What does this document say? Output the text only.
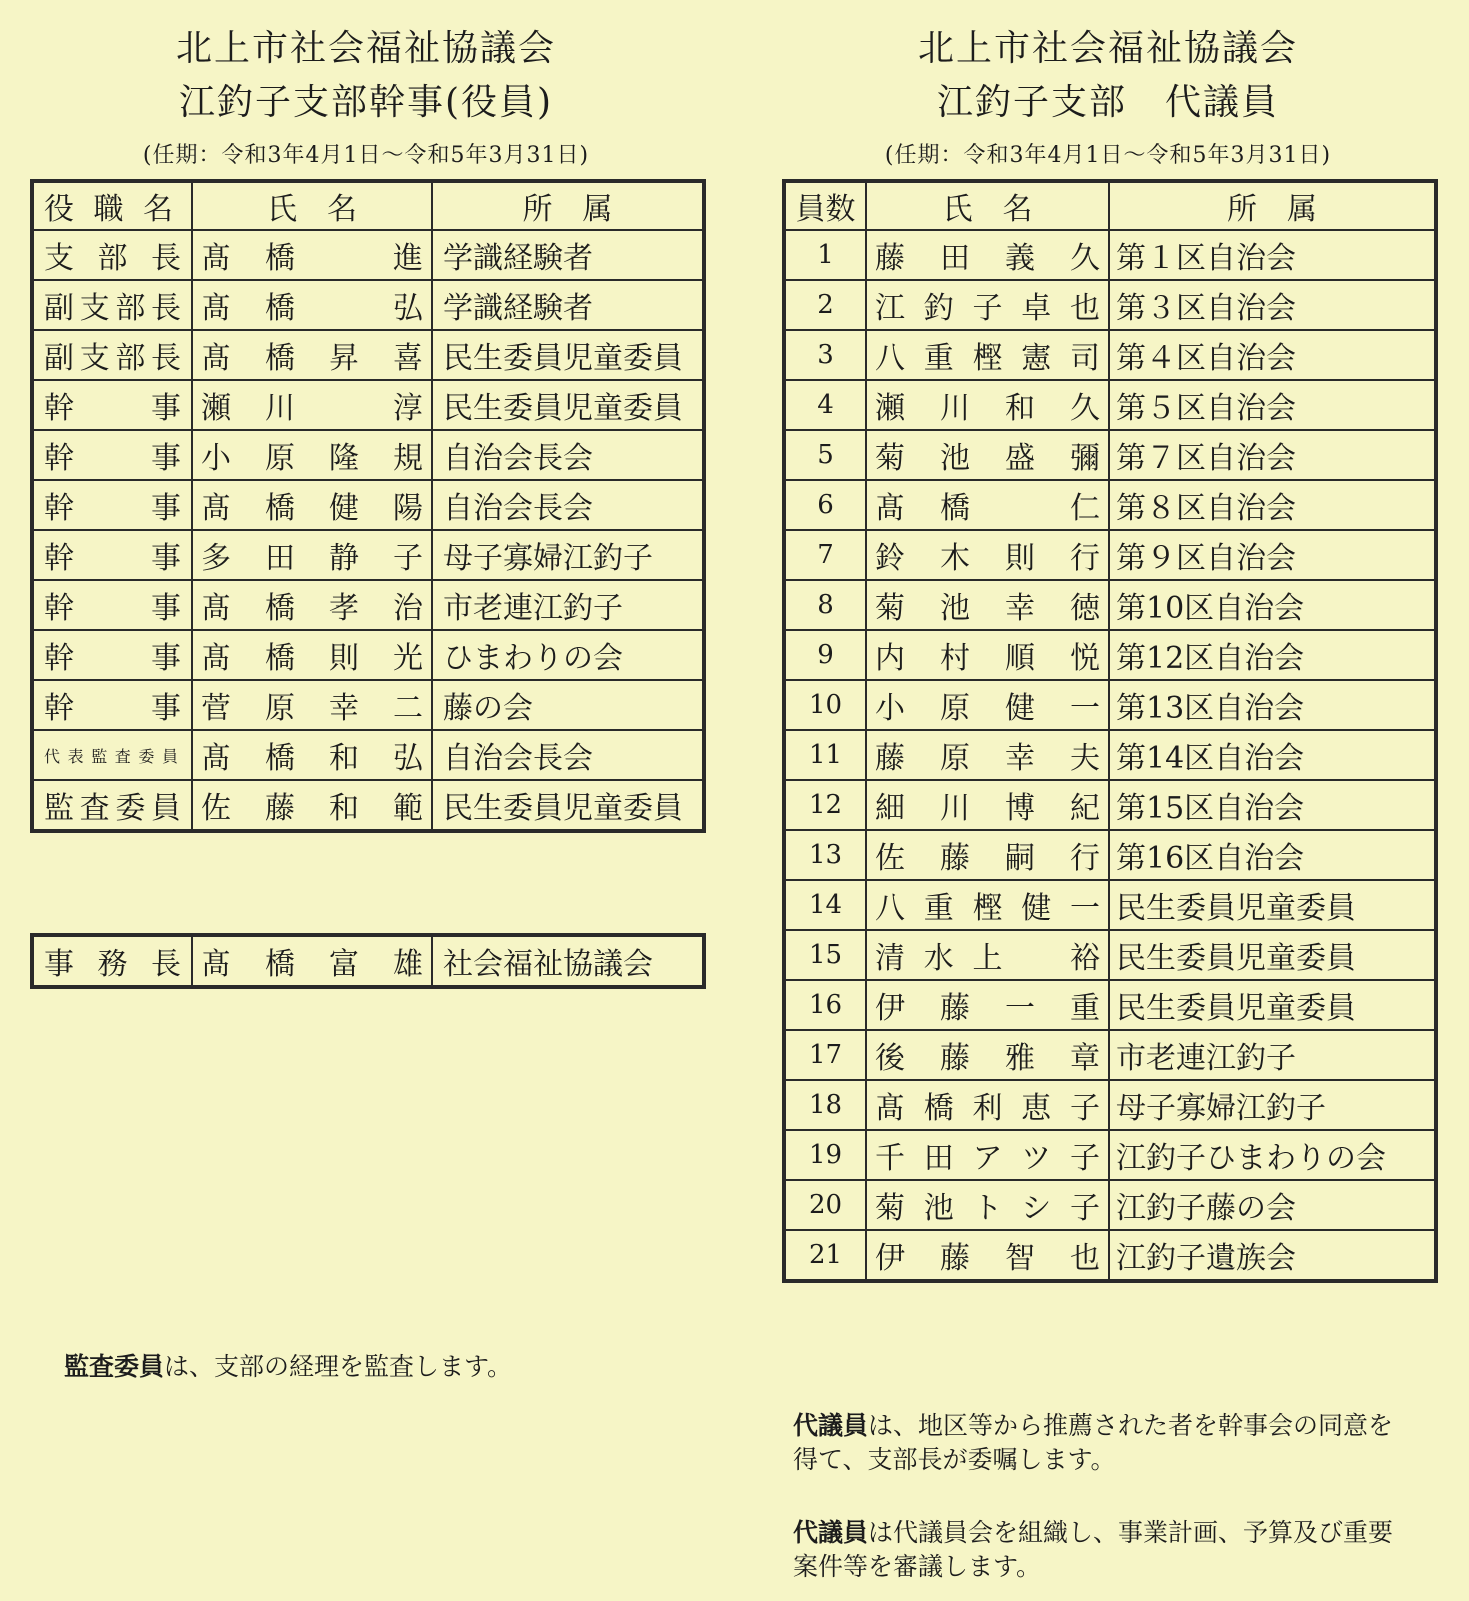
北上市社会福祉協議会
江釣子支部幹事(役員)
(任期：令和3年4月1日～令和5年3月31日)
役職名	氏　名	所　属
支部長	髙橋　進	学識経験者
副支部長	髙橋　弘	学識経験者
副支部長	髙橋昇喜	民生委員児童委員
幹事	瀬川　淳	民生委員児童委員
幹事	小原隆規	自治会長会
幹事	髙橋健陽	自治会長会
幹事	多田静子	母子寡婦江釣子
幹事	髙橋孝治	市老連江釣子
幹事	髙橋則光	ひまわりの会
幹事	菅原幸二	藤の会
代表監査委員	髙橋和弘	自治会長会
監査委員	佐藤和範	民生委員児童委員
事務長	髙橋富雄	社会福祉協議会
北上市社会福祉協議会
江釣子支部　代議員
(任期：令和3年4月1日～令和5年3月31日)
員数	氏　名	所　属
1	藤田義久	第１区自治会
2	江釣子卓也	第３区自治会
3	八重樫憲司	第４区自治会
4	瀬川和久	第５区自治会
5	菊池盛彌	第７区自治会
6	髙橋　仁	第８区自治会
7	鈴木則行	第９区自治会
8	菊池幸徳	第10区自治会
9	内村順悦	第12区自治会
10	小原健一	第13区自治会
11	藤原幸夫	第14区自治会
12	細川博紀	第15区自治会
13	佐藤嗣行	第16区自治会
14	八重樫健一	民生委員児童委員
15	清水上　裕	民生委員児童委員
16	伊藤一重	民生委員児童委員
17	後藤雅章	市老連江釣子
18	髙橋利恵子	母子寡婦江釣子
19	千田アツ子	江釣子ひまわりの会
20	菊池トシ子	江釣子藤の会
21	伊藤智也	江釣子遺族会
監査委員は、支部の経理を監査します。
代議員は、地区等から推薦された者を幹事会の同意を得て、支部長が委嘱します。
代議員は代議員会を組織し、事業計画、予算及び重要案件等を審議します。
